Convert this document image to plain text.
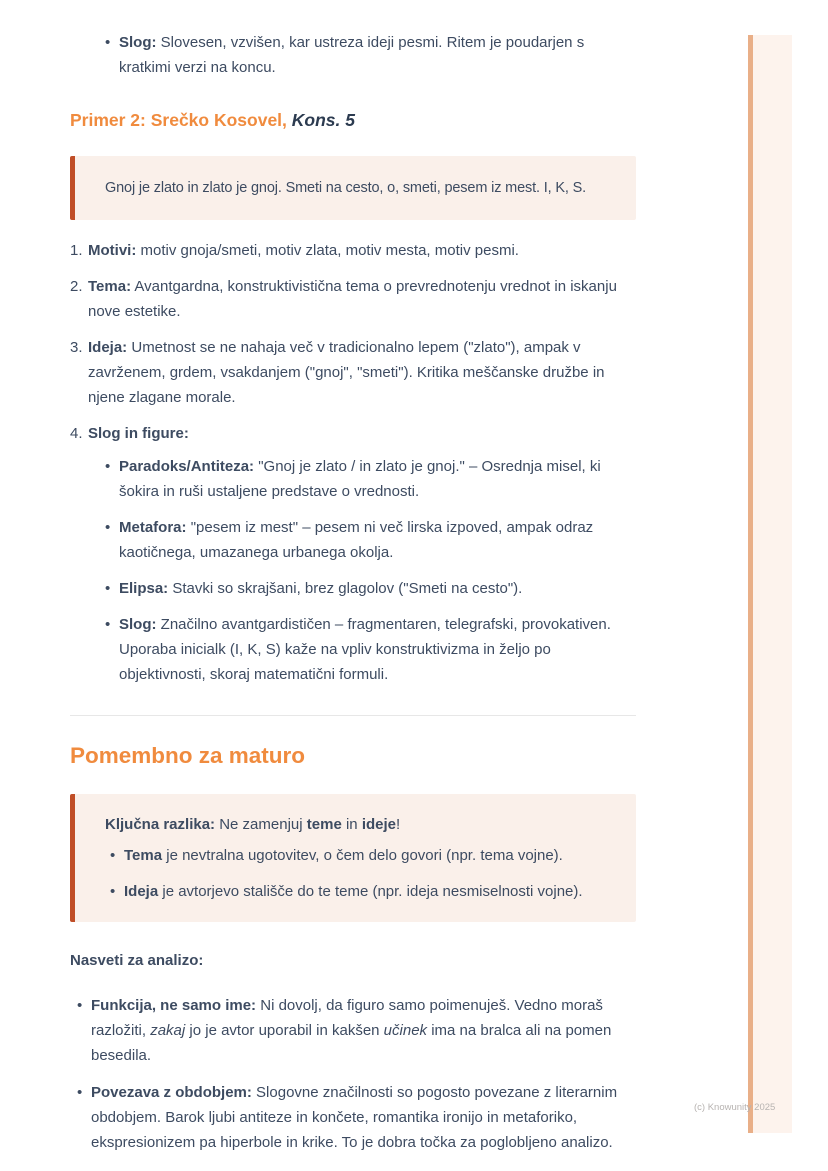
(c) Knowunity 2025
• Slog: Slovesen, vzvišen, kar ustreza ideji pesmi. Ritem je poudarjen s kratkimi verzi na koncu.
Primer 2: Srečko Kosovel, Kons. 5

Gnoj je zlato in zlato je gnoj. Smeti na cesto, o, smeti, pesem iz mest. I, K, S.

1. Motivi: motiv gnoja/smeti, motiv zlata, motiv mesta, motiv pesmi.
2. Tema: Avantgardna, konstruktivistična tema o prevrednotenju vrednot in iskanju nove estetike.
3. Ideja: Umetnost se ne nahaja več v tradicionalno lepem ("zlato"), ampak v zavrženem, grdem, vsakdanjem ("gnoj", "smeti"). Kritika meščanske družbe in njene zlagane morale.
4. Slog in figure:
• Paradoks/Antiteza: "Gnoj je zlato / in zlato je gnoj." – Osrednja misel, ki šokira in ruši ustaljene predstave o vrednosti.
• Metafora: "pesem iz mest" – pesem ni več lirska izpoved, ampak odraz kaotičnega, umazanega urbanega okolja.
• Elipsa: Stavki so skrajšani, brez glagolov ("Smeti na cesto").
• Slog: Značilno avantgardističen – fragmentaren, telegrafski, provokativen. Uporaba inicialk (I, K, S) kaže na vpliv konstruktivizma in željo po objektivnosti, skoraj matematični formuli.
Pomembno za maturo

Ključna razlika: Ne zamenjuj teme in ideje!

• Tema je nevtralna ugotovitev, o čem delo govori (npr. tema vojne).
• Ideja je avtorjevo stališče do te teme (npr. ideja nesmiselnosti vojne).

Nasveti za analizo:

• Funkcija, ne samo ime: Ni dovolj, da figuro samo poimenuješ. Vedno moraš razložiti, zakaj jo je avtor uporabil in kakšen učinek ima na bralca ali na pomen besedila.
• Povezava z obdobjem: Slogovne značilnosti so pogosto povezane z literarnim obdobjem. Barok ljubi antiteze in končete, romantika ironijo in metaforiko, ekspresionizem pa hiperbole in krike. To je dobra točka za poglobljeno analizo.
